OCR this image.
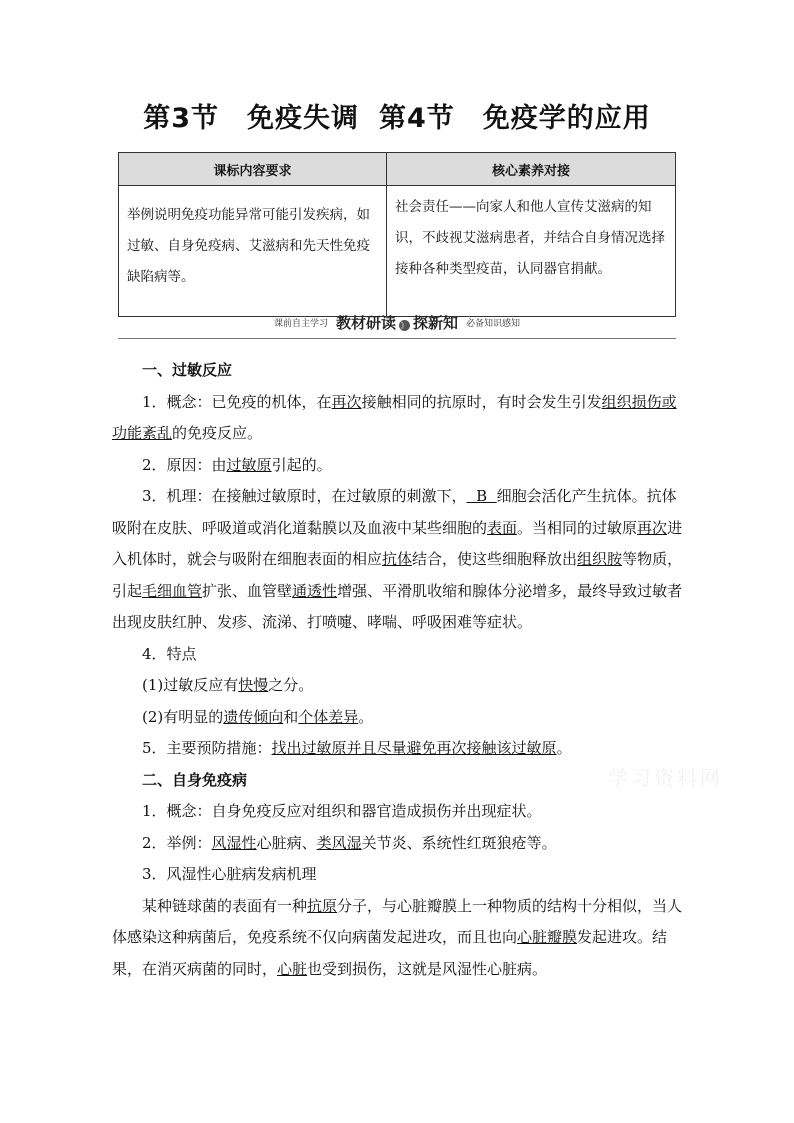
第3节　免疫失调 第4节　免疫学的应用
课标内容要求	核心素养对接
举例说明免疫功能异常可能引发疾病，如过敏、自身免疫病、艾滋病和先天性免疫缺陷病等。	社会责任——向家人和他人宣传艾滋病的知识，不歧视艾滋病患者，并结合自身情况选择接种各种类型疫苗，认同器官捐献。
课前自主学习 教材研读 》 探新知 必备知识感知
学习资料网

一、过敏反应

1．概念：已免疫的机体，在再次接触相同的抗原时，有时会发生引发组织损伤或功能紊乱的免疫反应。

2．原因：由过敏原引起的。

3．机理：在接触过敏原时，在过敏原的刺激下，  B  细胞会活化产生抗体。抗体吸附在皮肤、呼吸道或消化道黏膜以及血液中某些细胞的表面。当相同的过敏原再次进入机体时，就会与吸附在细胞表面的相应抗体结合，使这些细胞释放出组织胺等物质，引起毛细血管扩张、血管壁通透性增强、平滑肌收缩和腺体分泌增多，最终导致过敏者出现皮肤红肿、发疹、流涕、打喷嚏、哮喘、呼吸困难等症状。

4．特点

(1)过敏反应有快慢之分。

(2)有明显的遗传倾向和个体差异。

5．主要预防措施：找出过敏原并且尽量避免再次接触该过敏原。

二、自身免疫病

1．概念：自身免疫反应对组织和器官造成损伤并出现症状。

2．举例：风湿性心脏病、类风湿关节炎、系统性红斑狼疮等。

3．风湿性心脏病发病机理

某种链球菌的表面有一种抗原分子，与心脏瓣膜上一种物质的结构十分相似，当人体感染这种病菌后，免疫系统不仅向病菌发起进攻，而且也向心脏瓣膜发起进攻。结果，在消灭病菌的同时，心脏也受到损伤，这就是风湿性心脏病。
